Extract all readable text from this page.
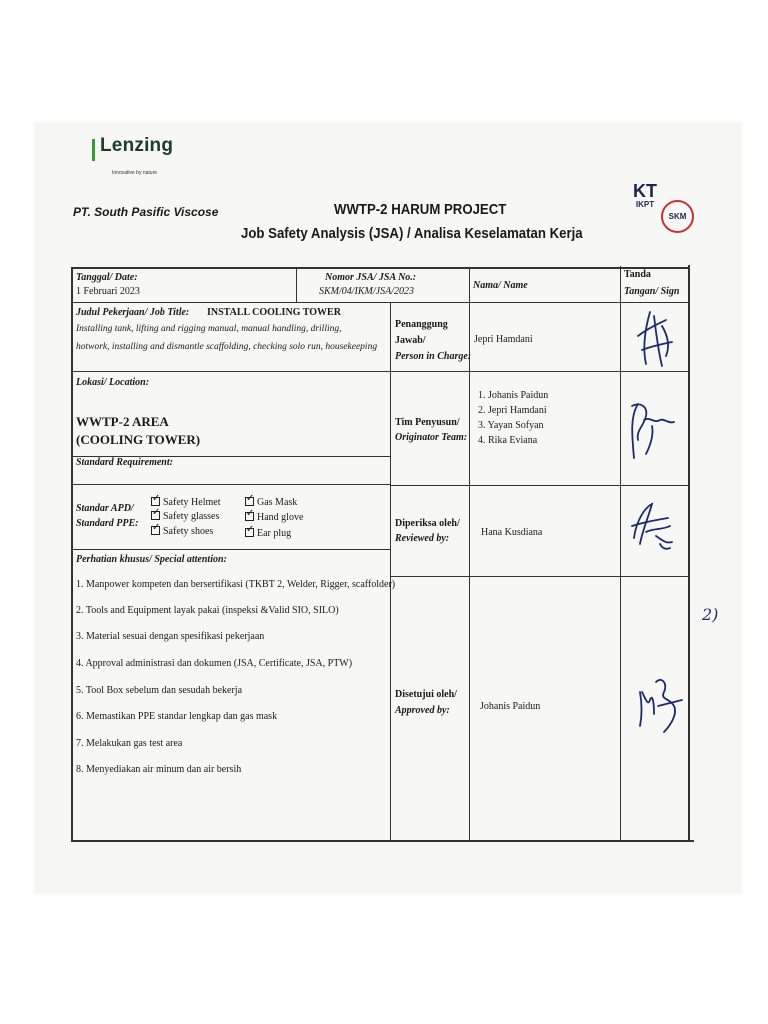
Lenzing
Innovative by nature
PT. South Pasific Viscose	WWTP-2 HARUM PROJECT
Job Safety Analysis (JSA) / Analisa Keselamatan Kerja
KT
IKPT
SKM
Tanggal/ Date:
1 Februari 2023
Nomor JSA/ JSA No.:
SKM/04/IKM/JSA/2023
Nama/ Name
Tanda
Tangan/ Sign
Judul Pekerjaan/ Job Title: INSTALL COOLING TOWER
Installing tank, lifting and rigging manual, manual handling, drilling,
hotwork, installing and dismantle scaffolding, checking solo run, housekeeping
Penanggung
Jawab/
Person in Charge:
Jepri Hamdani
Lokasi/ Location:
WWTP-2 AREA
(COOLING TOWER)
Standard Requirement:
Tim Penyusun/
Originator Team:
1. Johanis Paidun
2. Jepri Hamdani
3. Yayan Sofyan
4. Rika Eviana
Standar APD/
Standard PPE:
✓Safety Helmet
✓Safety glasses
✓Safety shoes
✓Gas Mask
✓Hand glove
✓Ear plug
Diperiksa oleh/
Reviewed by:
Hana Kusdiana
Perhatian khusus/ Special attention:
1. Manpower kompeten dan bersertifikasi (TKBT 2, Welder, Rigger, scaffolder)
2. Tools and Equipment layak pakai (inspeksi &Valid SIO, SILO)
3. Material sesuai dengan spesifikasi pekerjaan
4. Approval administrasi dan dokumen (JSA, Certificate, JSA, PTW)
5. Tool Box sebelum dan sesudah bekerja
6. Memastikan PPE standar lengkap dan gas mask
7. Melakukan gas test area
8. Menyediakan air minum dan air bersih
Disetujui oleh/
Approved by:	Johanis Paidun
2)
